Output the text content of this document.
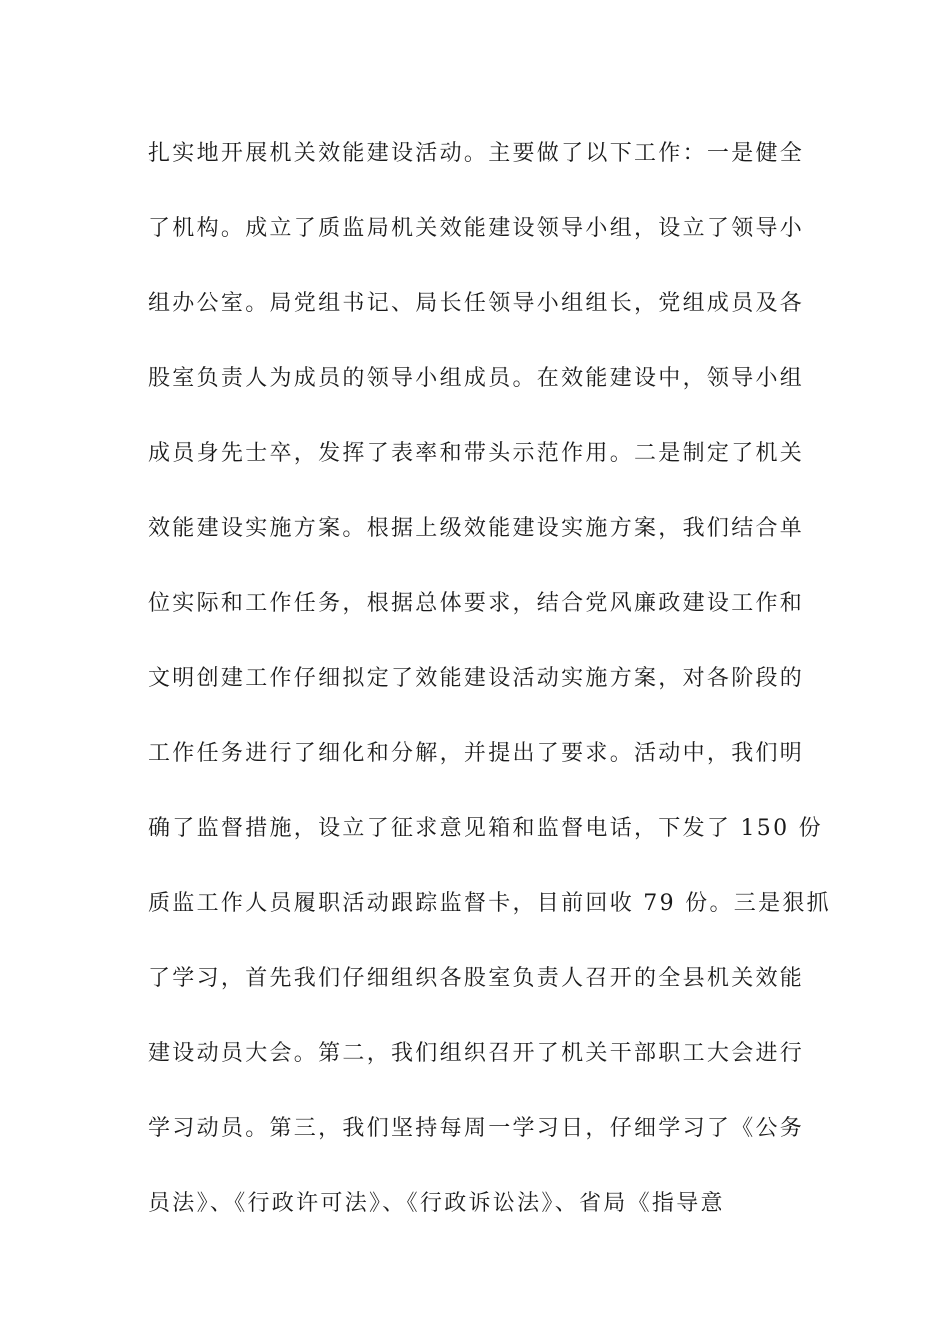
扎实地开展机关效能建设活动。主要做了以下工作：一是健全
了机构。成立了质监局机关效能建设领导小组，设立了领导小
组办公室。局党组书记、局长任领导小组组长，党组成员及各
股室负责人为成员的领导小组成员。在效能建设中，领导小组
成员身先士卒，发挥了表率和带头示范作用。二是制定了机关
效能建设实施方案。根据上级效能建设实施方案，我们结合单
位实际和工作任务，根据总体要求，结合党风廉政建设工作和
文明创建工作仔细拟定了效能建设活动实施方案，对各阶段的
工作任务进行了细化和分解，并提出了要求。活动中，我们明
确了监督措施，设立了征求意见箱和监督电话，下发了 150 份
质监工作人员履职活动跟踪监督卡，目前回收 79 份。三是狠抓
了学习，首先我们仔细组织各股室负责人召开的全县机关效能
建设动员大会。第二，我们组织召开了机关干部职工大会进行
学习动员。第三，我们坚持每周一学习日，仔细学习了《公务
员法》、《行政许可法》、《行政诉讼法》、省局《指导意
